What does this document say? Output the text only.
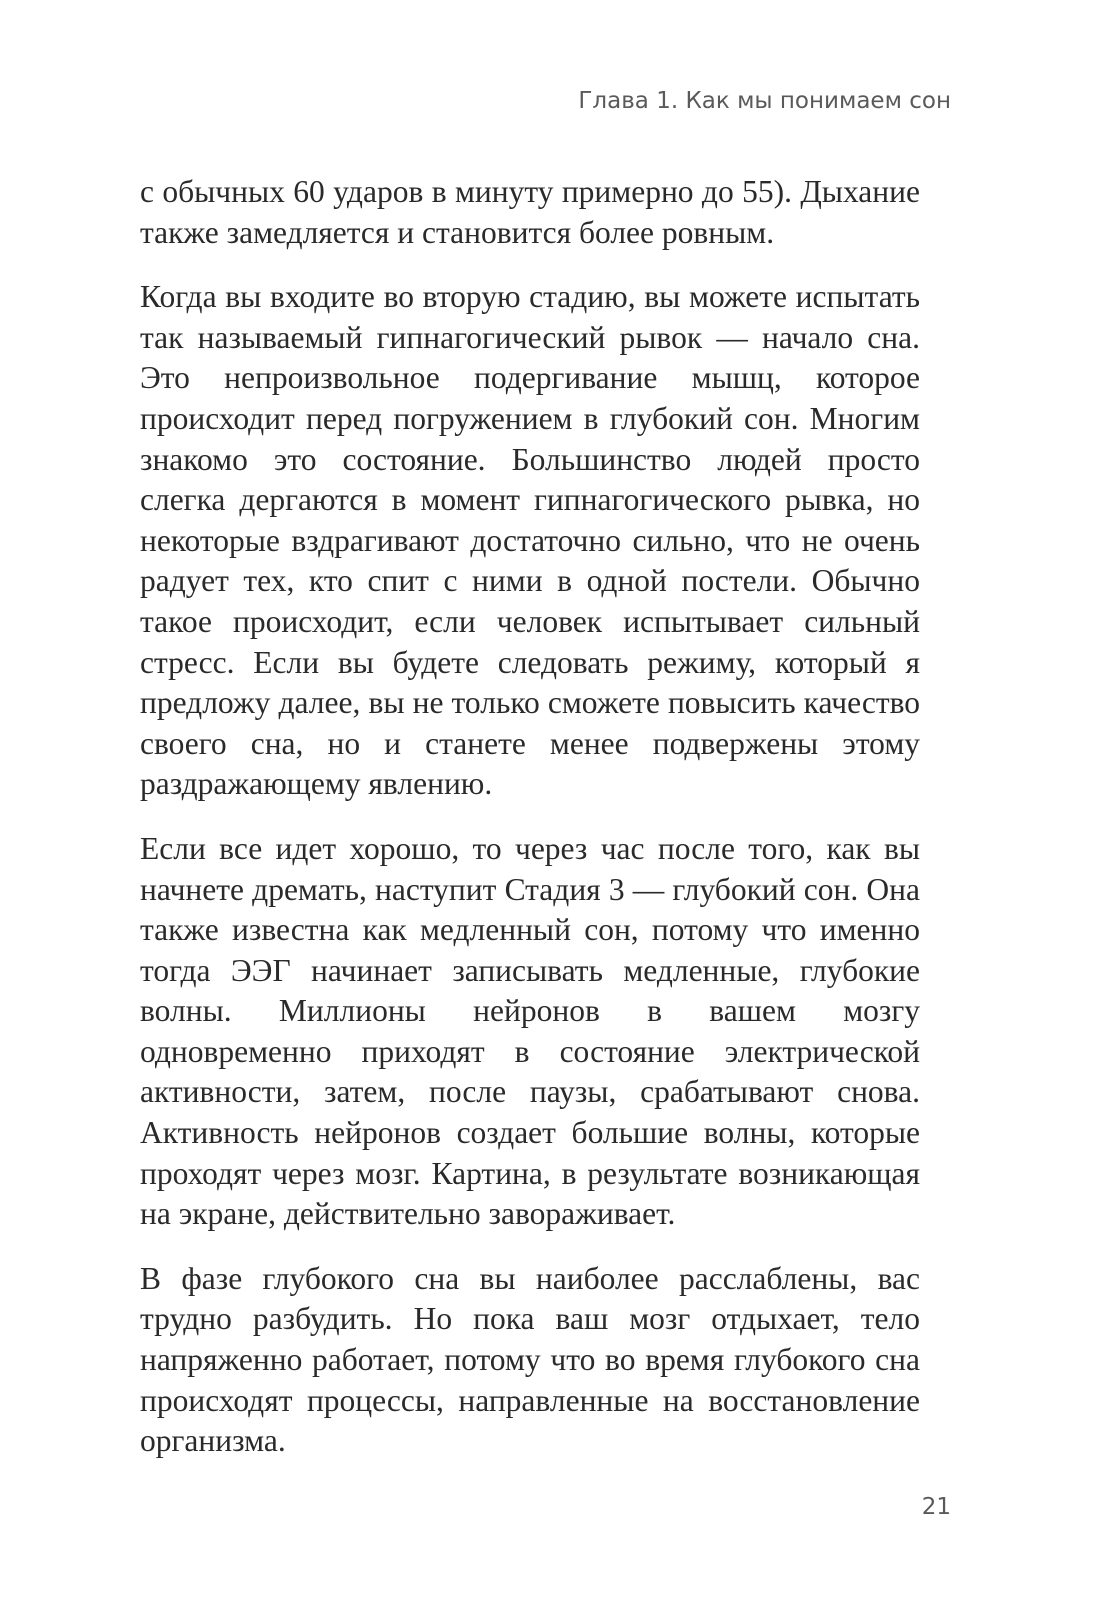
Глава 1. Как мы понимаем сон

с обычных 60 ударов в минуту примерно до 55). Дыхание также замедляется и становится более ровным.

Когда вы входите во вторую стадию, вы можете испытать так называемый гипнагогический рывок — начало сна. Это непроизвольное подергивание мышц, которое происходит перед погружением в глубокий сон. Многим знакомо это состояние. Большинство людей просто слегка дергаются в момент гипнагогического рывка, но некоторые вздрагивают достаточно сильно, что не очень радует тех, кто спит с ними в одной постели. Обычно такое происходит, если человек испытывает сильный стресс. Если вы будете следовать режиму, который я предложу далее, вы не только сможете повысить качество своего сна, но и станете менее подвержены этому раздражающему явлению.

Если все идет хорошо, то через час после того, как вы начнете дремать, наступит Стадия 3 — глубокий сон. Она также известна как медленный сон, потому что именно тогда ЭЭГ начинает записывать медленные, глубокие волны. Миллионы нейронов в вашем мозгу одновременно приходят в состояние электрической активности, затем, после паузы, срабатывают снова. Активность нейронов создает большие волны, которые проходят через мозг. Картина, в результате возникающая на экране, действительно завораживает.

В фазе глубокого сна вы наиболее расслаблены, вас трудно разбудить. Но пока ваш мозг отдыхает, тело напряженно работает, потому что во время глубокого сна происходят процессы, направленные на восстановление организма.

21
